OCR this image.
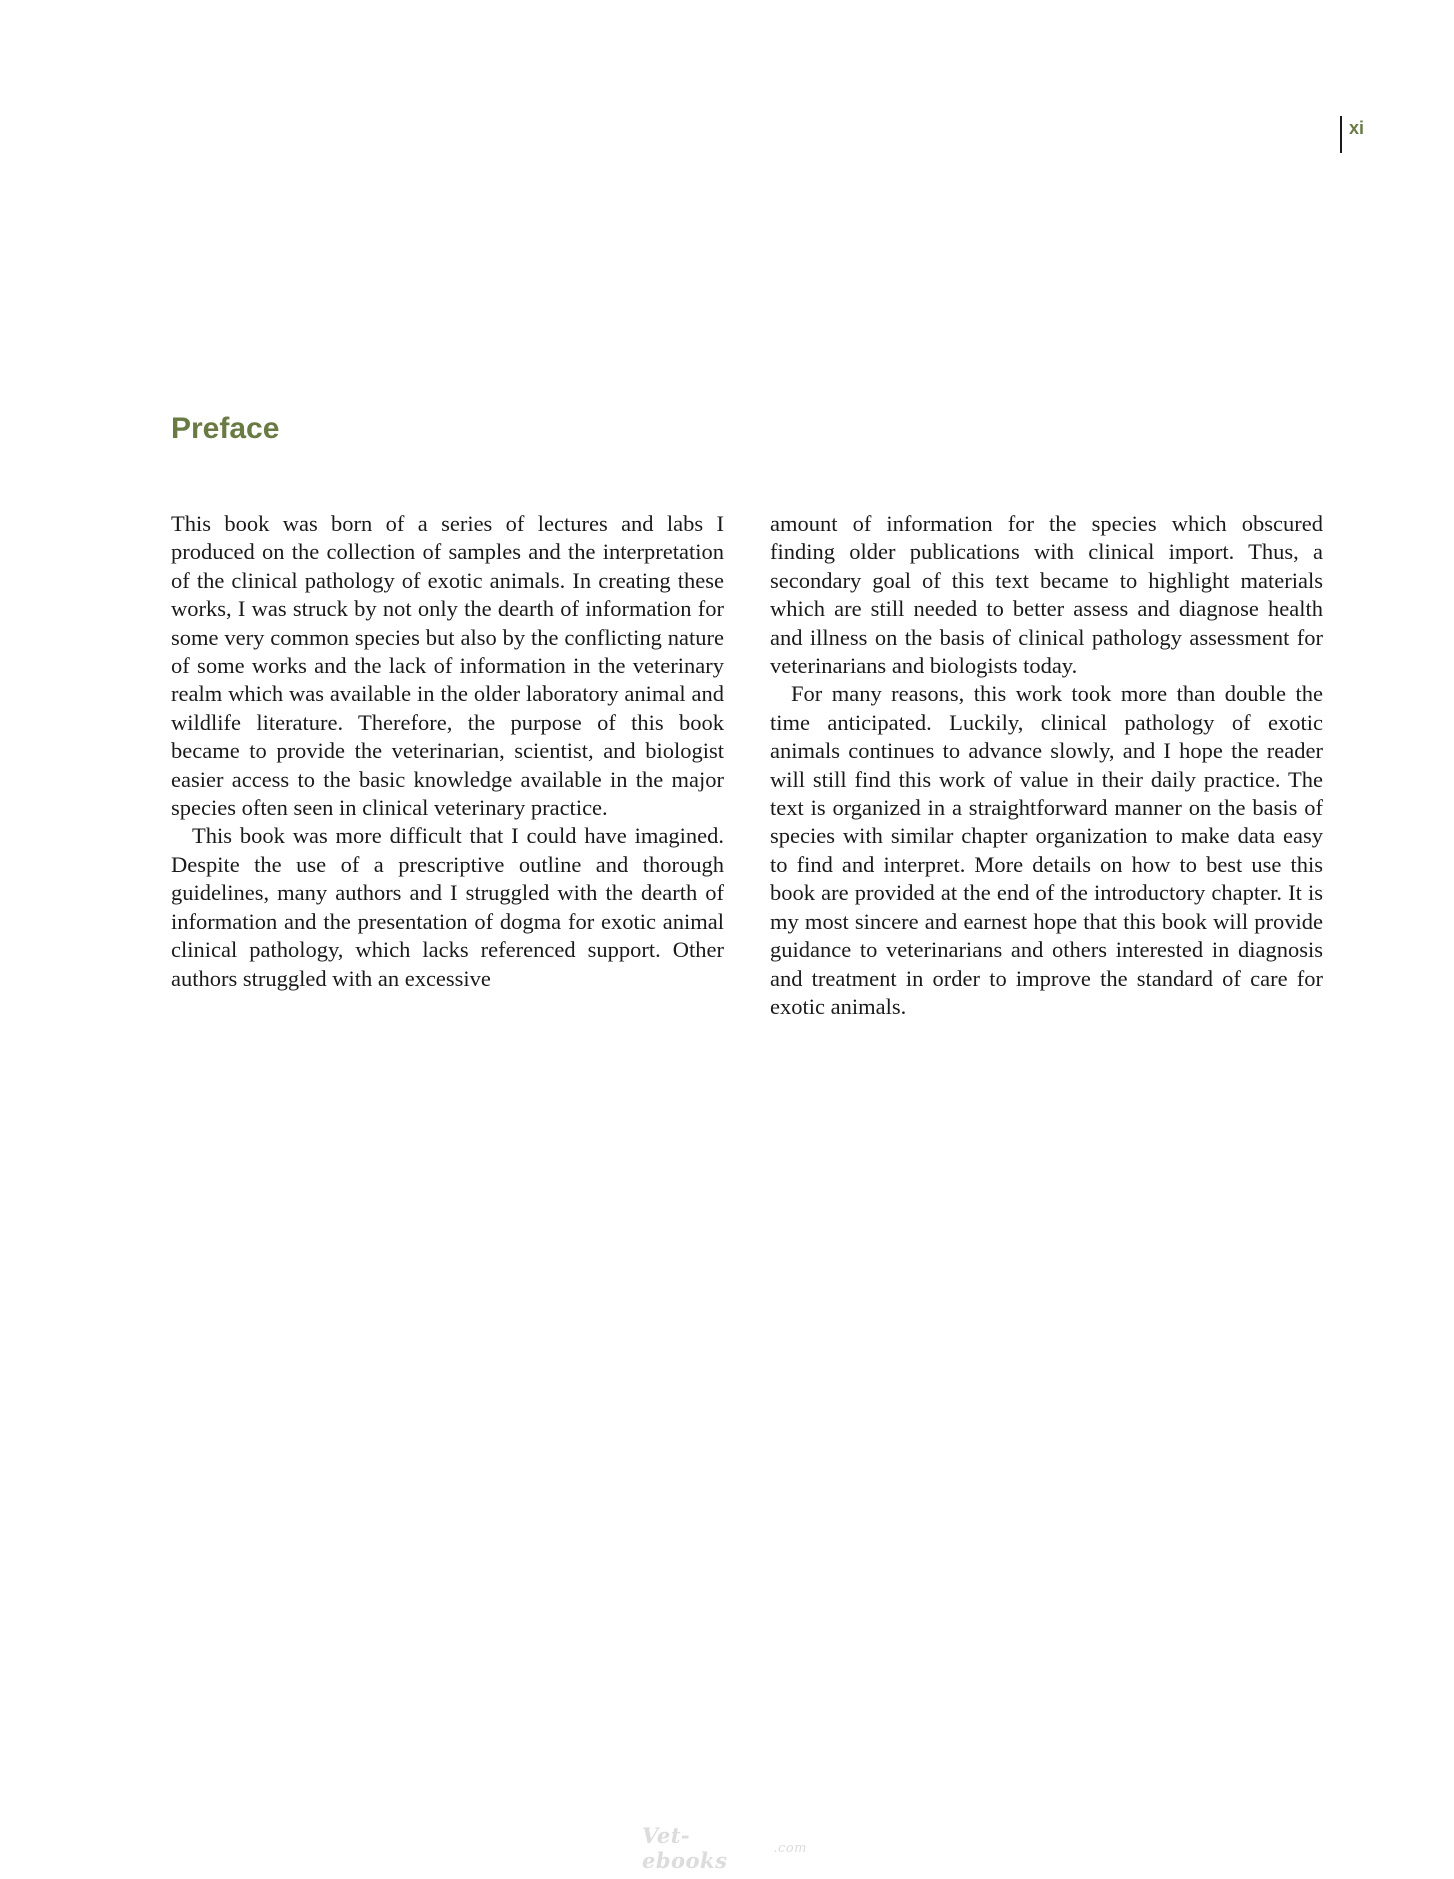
xi
Preface

This book was born of a series of lectures and labs I produced on the collection of samples and the interpretation of the clinical pathology of exotic animals. In creating these works, I was struck by not only the dearth of information for some very common species but also by the conflicting nature of some works and the lack of information in the veterinary realm which was available in the older laboratory animal and wildlife literature. Therefore, the purpose of this book became to provide the veterinarian, scientist, and biologist easier access to the basic knowledge available in the major species often seen in clinical veterinary practice.

This book was more difficult that I could have imagined. Despite the use of a prescriptive outline and thorough guidelines, many authors and I struggled with the dearth of information and the presentation of dogma for exotic animal clinical pathology, which lacks referenced support. Other authors struggled with an excessive

amount of information for the species which obscured finding older publications with clinical import. Thus, a secondary goal of this text became to highlight materials which are still needed to better assess and diagnose health and illness on the basis of clinical pathology assessment for veterinarians and biologists today.

For many reasons, this work took more than double the time anticipated. Luckily, clinical pathology of exotic animals continues to advance slowly, and I hope the reader will still find this work of value in their daily practice. The text is organized in a straightforward manner on the basis of species with similar chapter organization to make data easy to find and interpret. More details on how to best use this book are provided at the end of the introductory chapter. It is my most sincere and earnest hope that this book will provide guidance to veterinarians and others interested in diagnosis and treatment in order to improve the standard of care for exotic animals.

Vet-ebooks	.com
